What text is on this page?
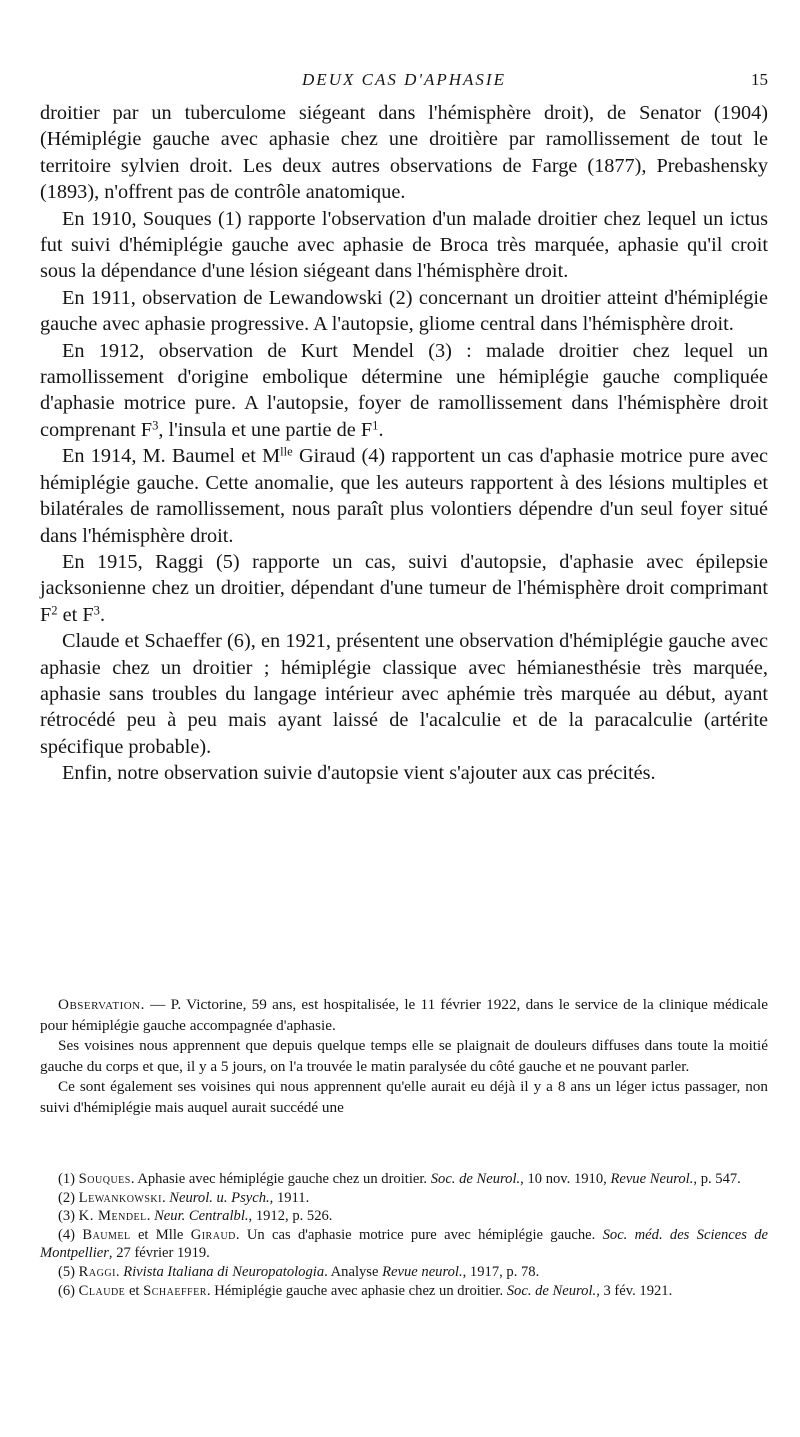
DEUX CAS D'APHASIE	15

droitier par un tuberculome siégeant dans l'hémisphère droit), de Senator (1904) (Hémiplégie gauche avec aphasie chez une droitière par ramollissement de tout le territoire sylvien droit. Les deux autres observations de Farge (1877), Prebashensky (1893), n'offrent pas de contrôle anatomique.

En 1910, Souques (1) rapporte l'observation d'un malade droitier chez lequel un ictus fut suivi d'hémiplégie gauche avec aphasie de Broca très marquée, aphasie qu'il croit sous la dépendance d'une lésion siégeant dans l'hémisphère droit.

En 1911, observation de Lewandowski (2) concernant un droitier atteint d'hémiplégie gauche avec aphasie progressive. A l'autopsie, gliome central dans l'hémisphère droit.

En 1912, observation de Kurt Mendel (3) : malade droitier chez lequel un ramollissement d'origine embolique détermine une hémiplégie gauche compliquée d'aphasie motrice pure. A l'autopsie, foyer de ramollissement dans l'hémisphère droit comprenant $F^3$, l'insula et une partie de $F^1$.

En 1914, M. Baumel et $M^{lle}$ Giraud (4) rapportent un cas d'aphasie motrice pure avec hémiplégie gauche. Cette anomalie, que les auteurs rapportent à des lésions multiples et bilatérales de ramollissement, nous paraît plus volontiers dépendre d'un seul foyer situé dans l'hémisphère droit.

En 1915, Raggi (5) rapporte un cas, suivi d'autopsie, d'aphasie avec épilepsie jacksonienne chez un droitier, dépendant d'une tumeur de l'hémisphère droit comprimant $F^2$ et $F^3$.

Claude et Schaeffer (6), en 1921, présentent une observation d'hémiplégie gauche avec aphasie chez un droitier ; hémiplégie classique avec hémianesthésie très marquée, aphasie sans troubles du langage intérieur avec aphémie très marquée au début, ayant rétrocédé peu à peu mais ayant laissé de l'acalculie et de la paracalculie (artérite spécifique probable).

Enfin, notre observation suivie d'autopsie vient s'ajouter aux cas précités.

Observation. — P. Victorine, 59 ans, est hospitalisée, le 11 février 1922, dans le service de la clinique médicale pour hémiplégie gauche accompagnée d'aphasie.

Ses voisines nous apprennent que depuis quelque temps elle se plaignait de douleurs diffuses dans toute la moitié gauche du corps et que, il y a 5 jours, on l'a trouvée le matin paralysée du côté gauche et ne pouvant parler.

Ce sont également ses voisines qui nous apprennent qu'elle aurait eu déjà il y a 8 ans un léger ictus passager, non suivi d'hémiplégie mais auquel aurait succédé une

(1) Souques. Aphasie avec hémiplégie gauche chez un droitier. Soc. de Neurol., 10 nov. 1910, Revue Neurol., p. 547.

(2) Lewankowski. Neurol. u. Psych., 1911.

(3) K. Mendel. Neur. Centralbl., 1912, p. 526.

(4) Baumel et Mlle Giraud. Un cas d'aphasie motrice pure avec hémiplégie gauche. Soc. méd. des Sciences de Montpellier, 27 février 1919.

(5) Raggi. Rivista Italiana di Neuropatologia. Analyse Revue neurol., 1917, p. 78.

(6) Claude et Schaeffer. Hémiplégie gauche avec aphasie chez un droitier. Soc. de Neurol., 3 fév. 1921.
